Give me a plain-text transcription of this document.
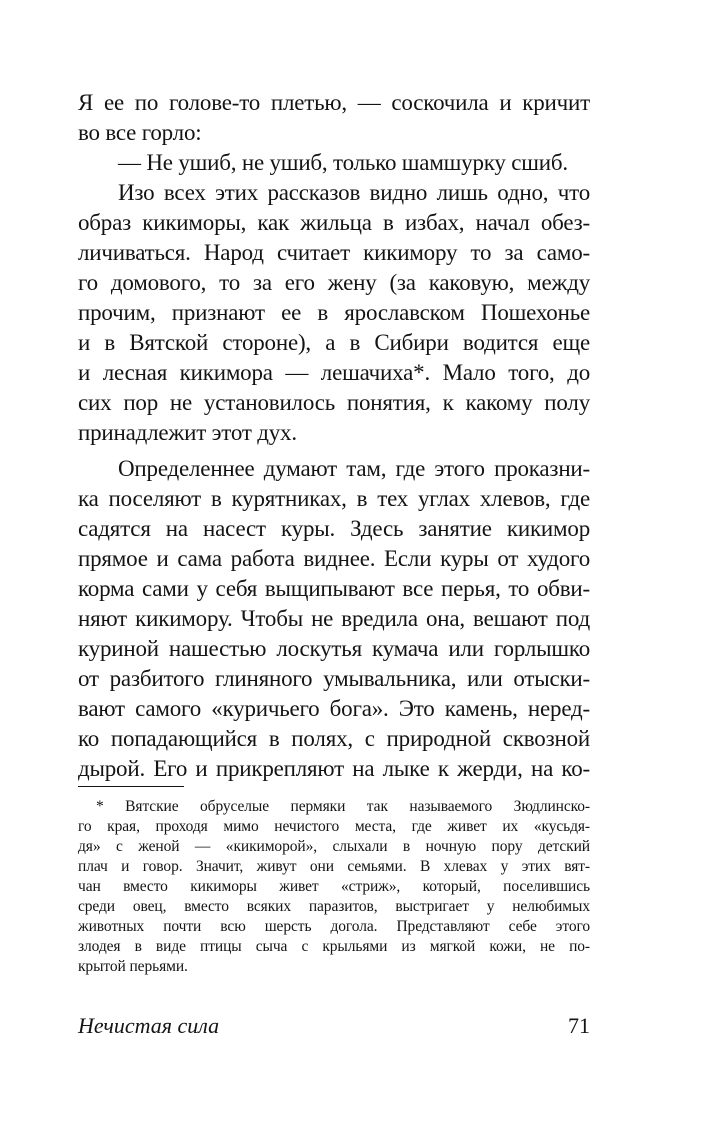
Я ее по голове-то плетью, — соскочила и кричит
во все горло:
— Не ушиб, не ушиб, только шамшурку сшиб.
Изо всех этих рассказов видно лишь одно, что
образ кикиморы, как жильца в избах, начал обез-
личиваться. Народ считает кикимору то за само-
го домового, то за его жену (за каковую, между
прочим, признают ее в ярославском Пошехонье
и в Вятской стороне), а в Сибири водится еще
и лесная кикимора — лешачиха*. Мало того, до
сих пор не установилось понятия, к какому полу
принадлежит этот дух.
Определеннее думают там, где этого проказни-
ка поселяют в курятниках, в тех углах хлевов, где
садятся на насест куры. Здесь занятие кикимор
прямое и сама работа виднее. Если куры от худого
корма сами у себя выщипывают все перья, то обви-
няют кикимору. Чтобы не вредила она, вешают под
куриной нашестью лоскутья кумача или горлышко
от разбитого глиняного умывальника, или отыски-
вают самого «куричьего бога». Это камень, неред-
ко попадающийся в полях, с природной сквозной
дырой. Его и прикрепляют на лыке к жерди, на ко-
* Вятские обруселые пермяки так называемого Зюдлинско-
го края, проходя мимо нечистого места, где живет их «кусьдя-
дя» с женой — «кикиморой», слыхали в ночную пору детский
плач и говор. Значит, живут они семьями. В хлевах у этих вят-
чан вместо кикиморы живет «стриж», который, поселившись
среди овец, вместо всяких паразитов, выстригает у нелюбимых
животных почти всю шерсть догола. Представляют себе этого
злодея в виде птицы сыча с крыльями из мягкой кожи, не по-
крытой перьями.
Нечистая сила	71
